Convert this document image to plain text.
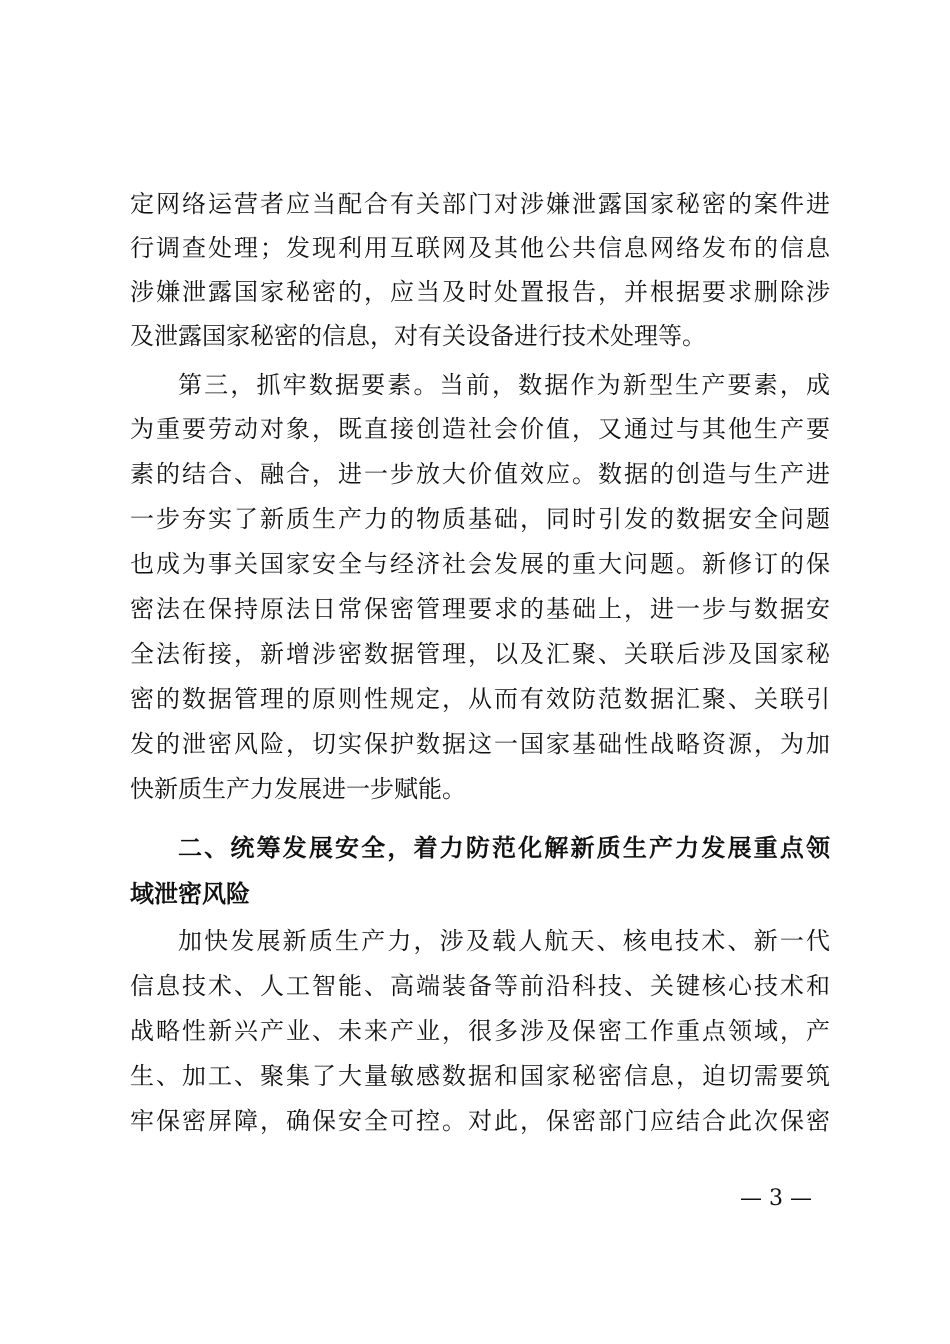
定网络运营者应当配合有关部门对涉嫌泄露国家秘密的案件进
行调查处理；发现利用互联网及其他公共信息网络发布的信息
涉嫌泄露国家秘密的，应当及时处置报告，并根据要求删除涉
及泄露国家秘密的信息，对有关设备进行技术处理等。
第三，抓牢数据要素。当前，数据作为新型生产要素，成
为重要劳动对象，既直接创造社会价值，又通过与其他生产要
素的结合、融合，进一步放大价值效应。数据的创造与生产进
一步夯实了新质生产力的物质基础，同时引发的数据安全问题
也成为事关国家安全与经济社会发展的重大问题。新修订的保
密法在保持原法日常保密管理要求的基础上，进一步与数据安
全法衔接，新增涉密数据管理，以及汇聚、关联后涉及国家秘
密的数据管理的原则性规定，从而有效防范数据汇聚、关联引
发的泄密风险，切实保护数据这一国家基础性战略资源，为加
快新质生产力发展进一步赋能。
二、统筹发展安全，着力防范化解新质生产力发展重点领
域泄密风险
加快发展新质生产力，涉及载人航天、核电技术、新一代
信息技术、人工智能、高端装备等前沿科技、关键核心技术和
战略性新兴产业、未来产业，很多涉及保密工作重点领域，产
生、加工、聚集了大量敏感数据和国家秘密信息，迫切需要筑
牢保密屏障，确保安全可控。对此，保密部门应结合此次保密
— 3 —
